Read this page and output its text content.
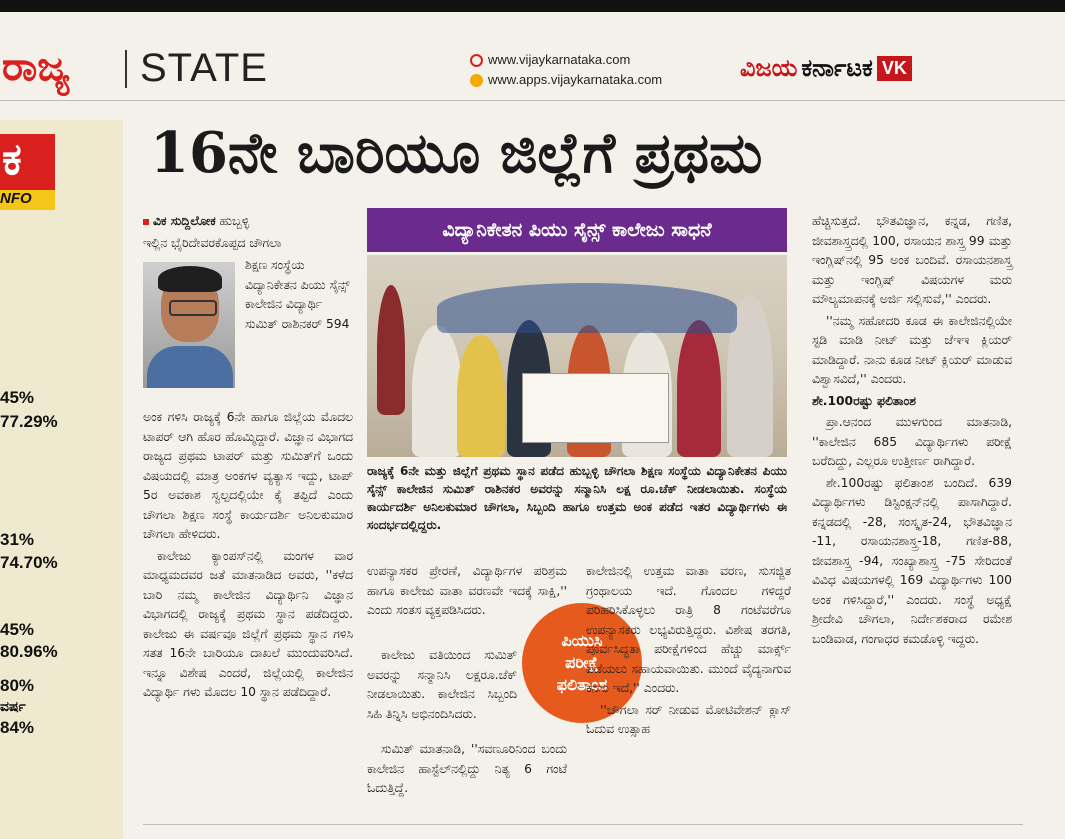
ರಾಜ್ಯ STATE	www.vijaykarnataka.com
www.apps.vijaykarnataka.com	ವಿಜಯ ಕರ್ನಾಟಕ VK
ಕ
NFO
45%
77.29%
31%
74.70%
45%
80.96%
80%
ವರ್ಷ
84%
16ನೇ ಬಾರಿಯೂ ಜಿಲ್ಲೆಗೆ ಪ್ರಥಮ

ವಿಕ ಸುದ್ದಿಲೋಕ ಹುಬ್ಬಳ್ಳಿ

ಇಲ್ಲಿನ ಭೈರಿದೇವರಕೊಪ್ಪದ ಚೌಗಲಾ

ಶಿಕ್ಷಣ ಸಂಸ್ಥೆಯ ವಿದ್ಯಾನಿಕೇತನ ಪಿಯು ಸೈನ್ಸ್ ಕಾಲೇಜಿನ ವಿದ್ಯಾರ್ಥಿ ಸುಮಿತ್ ರಾಶಿನಕರ್ 594

ಅಂಕ ಗಳಿಸಿ ರಾಜ್ಯಕ್ಕೆ 6ನೇ ಹಾಗೂ ಜಿಲ್ಲೆಯ ಮೊದಲ ಟಾಪರ್ ಆಗಿ ಹೊರ ಹೊಮ್ಮಿದ್ದಾರೆ. ವಿಜ್ಞಾನ ವಿಭಾಗದ ರಾಜ್ಯದ ಪ್ರಥಮ ಟಾಪರ್ ಮತ್ತು ಸುಮಿತ್‌ಗೆ ಒಂದು ವಿಷಯದಲ್ಲಿ ಮಾತ್ರ ಅಂಕಗಳ ವ್ಯತ್ಯಾಸ ಇದ್ದು, ಟಾಪ್ 5ರ ಅವಕಾಶ ಸ್ವಲ್ಪದಲ್ಲಿಯೇ ಕೈ ತಪ್ಪಿದೆ ಎಂದು ಚೌಗಲಾ ಶಿಕ್ಷಣ ಸಂಸ್ಥೆ ಕಾರ್ಯದರ್ಶಿ ಅನಿಲಕುಮಾರ ಚೌಗಲಾ ಹೇಳಿದರು.

ಕಾಲೇಜು ಕ್ಯಾಂಪಸ್‌ನಲ್ಲಿ ಮಂಗಳ ವಾರ ಮಾಧ್ಯಮದವರ ಜತೆ ಮಾತನಾಡಿದ ಅವರು, ''ಕಳೆದ ಬಾರಿ ನಮ್ಮ ಕಾಲೇಜಿನ ವಿದ್ಯಾರ್ಥಿನಿ ವಿಜ್ಞಾನ ವಿಭಾಗದಲ್ಲಿ ರಾಜ್ಯಕ್ಕೆ ಪ್ರಥಮ ಸ್ಥಾನ ಪಡೆದಿದ್ದರು. ಕಾಲೇಜು ಈ ವರ್ಷವೂ ಜಿಲ್ಲೆಗೆ ಪ್ರಥಮ ಸ್ಥಾನ ಗಳಿಸಿ ಸತತ 16ನೇ ಬಾರಿಯೂ ದಾಖಲೆ ಮುಂದುವರಿಸಿದೆ. ಇನ್ನೂ ವಿಶೇಷ ಎಂದರೆ, ಜಿಲ್ಲೆಯಲ್ಲಿ ಕಾಲೇಜಿನ ವಿದ್ಯಾರ್ಥಿ ಗಳು ಮೊದಲ 10 ಸ್ಥಾನ ಪಡೆದಿದ್ದಾರೆ.

ವಿದ್ಯಾನಿಕೇತನ ಪಿಯು ಸೈನ್ಸ್ ಕಾಲೇಜು ಸಾಧನೆ
ರಾಜ್ಯಕ್ಕೆ 6ನೇ ಮತ್ತು ಜಿಲ್ಲೆಗೆ ಪ್ರಥಮ ಸ್ಥಾನ ಪಡೆದ ಹುಬ್ಬಳ್ಳಿ ಚೌಗಲಾ ಶಿಕ್ಷಣ ಸಂಸ್ಥೆಯ ವಿದ್ಯಾನಿಕೇತನ ಪಿಯು ಸೈನ್ಸ್ ಕಾಲೇಜಿನ ಸುಮಿತ್ ರಾಶಿನಕರ ಅವರನ್ನು ಸನ್ಮಾನಿಸಿ ಲಕ್ಷ ರೂ.ಚೆಕ್ ನೀಡಲಾಯಿತು. ಸಂಸ್ಥೆಯ ಕಾರ್ಯದರ್ಶಿ ಅನಿಲಕುಮಾರ ಚೌಗಲಾ, ಸಿಬ್ಬಂದಿ ಹಾಗೂ ಉತ್ತಮ ಅಂಕ ಪಡೆದ ಇತರ ವಿದ್ಯಾರ್ಥಿಗಳು ಈ ಸಂದರ್ಭದಲ್ಲಿದ್ದರು.

ಉಪನ್ಯಾಸಕರ ಪ್ರೇರಣೆ, ವಿದ್ಯಾರ್ಥಿಗಳ ಪರಿಶ್ರಮ ಹಾಗೂ ಕಾಲೇಜು ವಾತಾ ವರಣವೇ ಇದಕ್ಕೆ ಸಾಕ್ಷಿ,'' ಎಂದು ಸಂತಸ ವ್ಯಕ್ತಪಡಿಸಿದರು.

ಕಾಲೇಜು ವತಿಯಿಂದ ಸುಮಿತ್ ಅವರನ್ನು ಸನ್ಮಾನಿಸಿ ಲಕ್ಷರೂ.ಚೆಕ್ ನೀಡಲಾಯಿತು. ಕಾಲೇಜಿನ ಸಿಬ್ಬಂದಿ ಸಿಹಿ ತಿನ್ನಿಸಿ ಅಭಿನಂದಿಸಿದರು.

ಸುಮಿತ್ ಮಾತನಾಡಿ, ''ಸವಣೂರಿನಿಂದ ಬಂದು ಕಾಲೇಜಿನ ಹಾಸ್ಟೆಲ್‌ನಲ್ಲಿದ್ದು ನಿತ್ಯ 6 ಗಂಟೆ ಓದುತ್ತಿದ್ದೆ.

ಪಿಯುಸಿ
ಪರೀಕ್ಷೆ
ಫಲಿತಾಂಶ

ಕಾಲೇಜಿನಲ್ಲಿ ಉತ್ತಮ ವಾತಾ ವರಣ, ಸುಸಜ್ಜಿತ ಗ್ರಂಥಾಲಯ ಇದೆ. ಗೊಂದಲ ಗಳಿದ್ದರೆ ಪರಿಹರಿಸಿಕೊಳ್ಳಲು ರಾತ್ರಿ 8 ಗಂಟೆವರೆಗೂ ಉಪನ್ಯಾಸಕರು ಲಭ್ಯವಿರುತ್ತಿದ್ದರು. ವಿಶೇಷ ತರಗತಿ, ಪೂರ್ವಸಿದ್ಧತಾ ಪರೀಕ್ಷೆಗಳಿಂದ ಹೆಚ್ಚು ಮಾರ್ಕ್ಸ್ ಪಡೆಯಲು ಸಹಾಯವಾಯಿತು. ಮುಂದೆ ವೈದ್ಯನಾಗುವ ಕನಸು ಇದೆ,'' ಎಂದರು.

''ಚೌಗಲಾ ಸರ್ ನೀಡುವ ಮೋಟಿವೇಶನ್ ಕ್ಲಾಸ್ ಓದುವ ಉತ್ಸಾಹ

ಹೆಚ್ಚಿಸುತ್ತದೆ. ಭೌತವಿಜ್ಞಾನ, ಕನ್ನಡ, ಗಣಿತ, ಜೀವಶಾಸ್ತ್ರದಲ್ಲಿ 100, ರಸಾಯನ ಶಾಸ್ತ್ರ 99 ಮತ್ತು ಇಂಗ್ಲಿಷ್‌ನಲ್ಲಿ 95 ಅಂಕ ಬಂದಿವೆ. ರಸಾಯನಶಾಸ್ತ್ರ ಮತ್ತು ಇಂಗ್ಲಿಷ್ ವಿಷಯಗಳ ಮರು ಮೌಲ್ಯಮಾಪನಕ್ಕೆ ಅರ್ಜಿ ಸಲ್ಲಿಸುವೆ,'' ಎಂದರು.

''ನಮ್ಮ ಸಹೋದರಿ ಕೂಡ ಈ ಕಾಲೇಜಿನಲ್ಲಿಯೇ ಸ್ಟಡಿ ಮಾಡಿ ನೀಟ್ ಮತ್ತು ಜೆಇಇ ಕ್ಲಿಯರ್ ಮಾಡಿದ್ದಾರೆ. ನಾನು ಕೂಡ ನೀಟ್ ಕ್ಲಿಯರ್ ಮಾಡುವ ವಿಶ್ವಾಸವಿದೆ,'' ಎಂದರು.

ಶೇ.100ರಷ್ಟು ಫಲಿತಾಂಶ

ಪ್ರಾ.ಆನಂದ ಮುಳಗುಂದ ಮಾತನಾಡಿ, ''ಕಾಲೇಜಿನ 685 ವಿದ್ಯಾರ್ಥಿಗಳು ಪರೀಕ್ಷೆ ಬರೆದಿದ್ದು, ಎಲ್ಲರೂ ಉತ್ತೀರ್ಣ ರಾಗಿದ್ದಾರೆ.

ಶೇ.100ರಷ್ಟು ಫಲಿತಾಂಶ ಬಂದಿದೆ. 639 ವಿದ್ಯಾರ್ಥಿಗಳು ಡಿಸ್ಟಿಂಕ್ಷನ್‌ನಲ್ಲಿ ಪಾಸಾಗಿದ್ದಾರೆ. ಕನ್ನಡದಲ್ಲಿ -28, ಸಂಸ್ಕೃತ-24, ಭೌತವಿಜ್ಞಾನ -11, ರಸಾಯನಶಾಸ್ತ್ರ-18, ಗಣಿತ-88, ಜೀವಶಾಸ್ತ್ರ -94, ಸಂಖ್ಯಾಶಾಸ್ತ್ರ -75 ಸೇರಿದಂತೆ ವಿವಿಧ ವಿಷಯಗಳಲ್ಲಿ 169 ವಿದ್ಯಾರ್ಥಿಗಳು 100 ಅಂಕ ಗಳಿಸಿದ್ದಾರೆ,'' ಎಂದರು. ಸಂಸ್ಥೆ ಅಧ್ಯಕ್ಷೆ ಶ್ರೀದೇವಿ ಚೌಗಲಾ, ನಿರ್ದೇಶಕರಾದ ರಮೇಶ ಬಂಡಿವಾಡ, ಗಂಗಾಧರ ಕಮಡೊಳ್ಳಿ ಇದ್ದರು.
